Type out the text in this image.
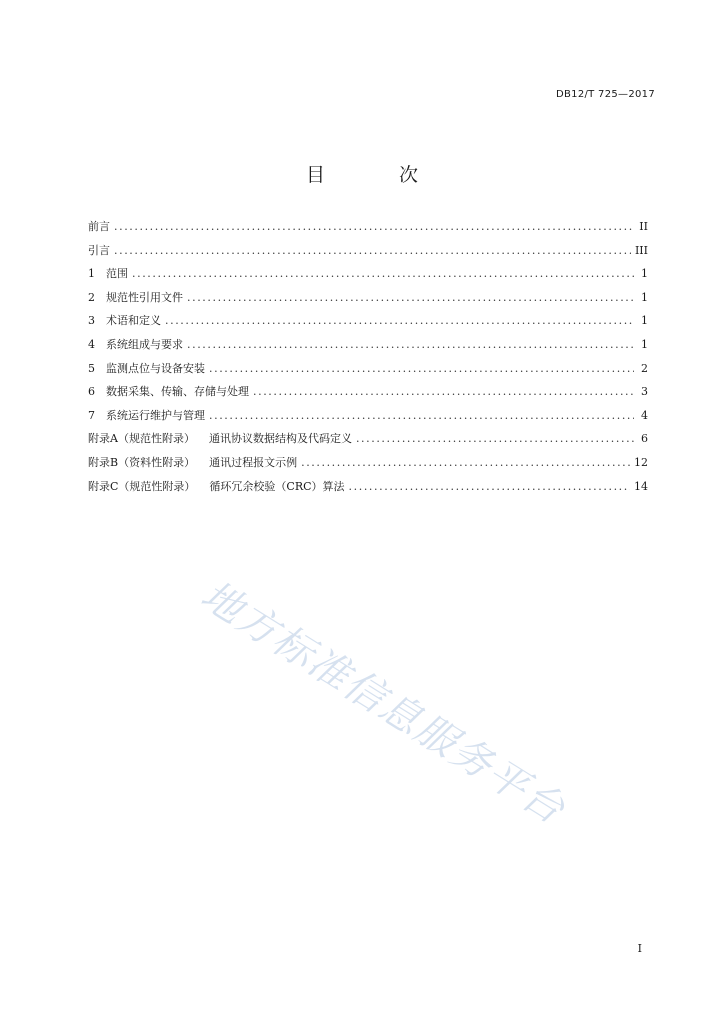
DB12/T 725—2017
目 次
前言 .....	II
引言 .....	III
1	范围 .....	1
2	规范性引用文件 .....	1
3	术语和定义 .....	1
4	系统组成与要求 .....	1
5	监测点位与设备安装 .....	2
6	数据采集、传输、存储与处理 .....	3
7	系统运行维护与管理 .....	4
附录A（规范性附录） 通讯协议数据结构及代码定义 .....	6
附录B（资料性附录） 通讯过程报文示例 .....	12
附录C（规范性附录） 循环冗余校验（CRC）算法 .....	14
地方标准信息服务平台
I
